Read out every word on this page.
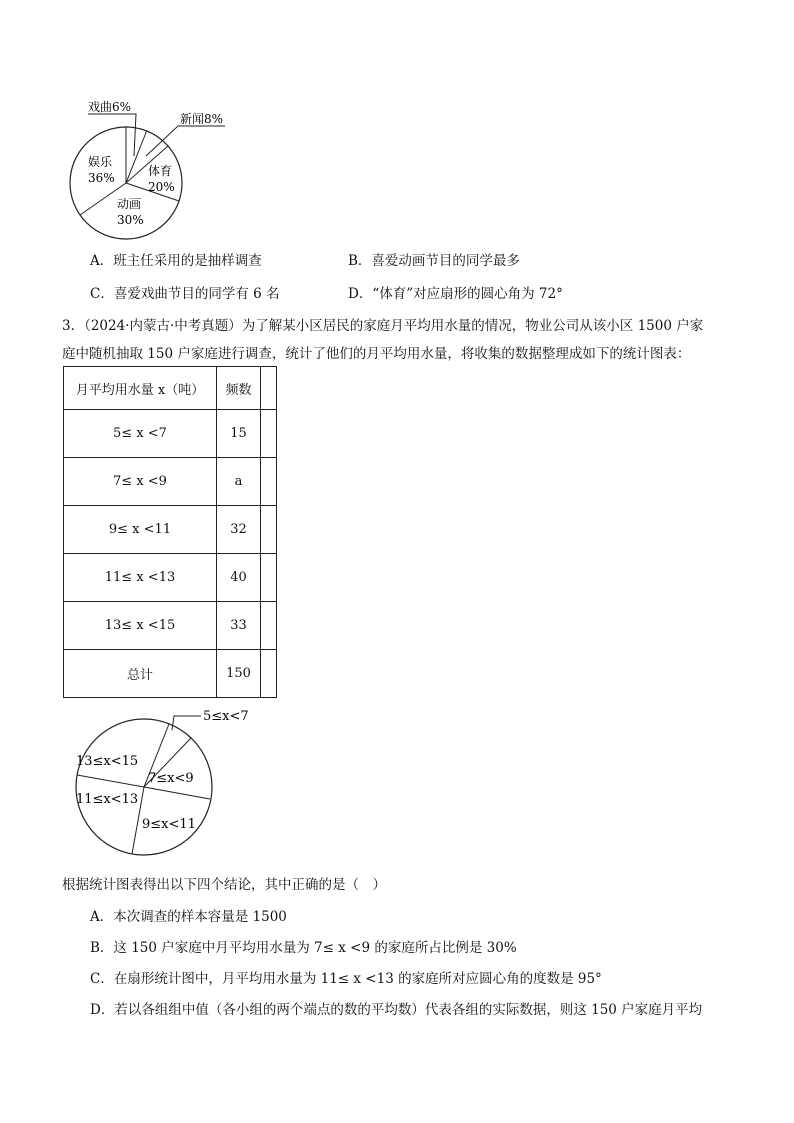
戏曲6%
新闻8%
娱乐
36%	体育
20%
动画
30%
A．班主任采用的是抽样调查	B．喜爱动画节目的同学最多
C．喜爱戏曲节目的同学有 6 名	D．“体育”对应扇形的圆心角为 72°
3．（2024·内蒙古·中考真题）为了解某小区居民的家庭月平均用水量的情况，物业公司从该小区 1500 户家
庭中随机抽取 150 户家庭进行调查，统计了他们的月平均用水量，将收集的数据整理成如下的统计图表：
月平均用水量 x（吨）	频数	
5≤ x <7	15	
7≤ x <9	a	
9≤ x <11	32	
11≤ x <13	40	
13≤ x <15	33	
总计	150	
5≤x<7
13≤x<15
7≤x<9
11≤x<13
9≤x<11
根据统计图表得出以下四个结论，其中正确的是（　）
A．本次调查的样本容量是 1500
B．这 150 户家庭中月平均用水量为 7≤ x <9 的家庭所占比例是 30%
C．在扇形统计图中，月平均用水量为 11≤ x <13 的家庭所对应圆心角的度数是 95°
D．若以各组组中值（各小组的两个端点的数的平均数）代表各组的实际数据，则这 150 户家庭月平均
